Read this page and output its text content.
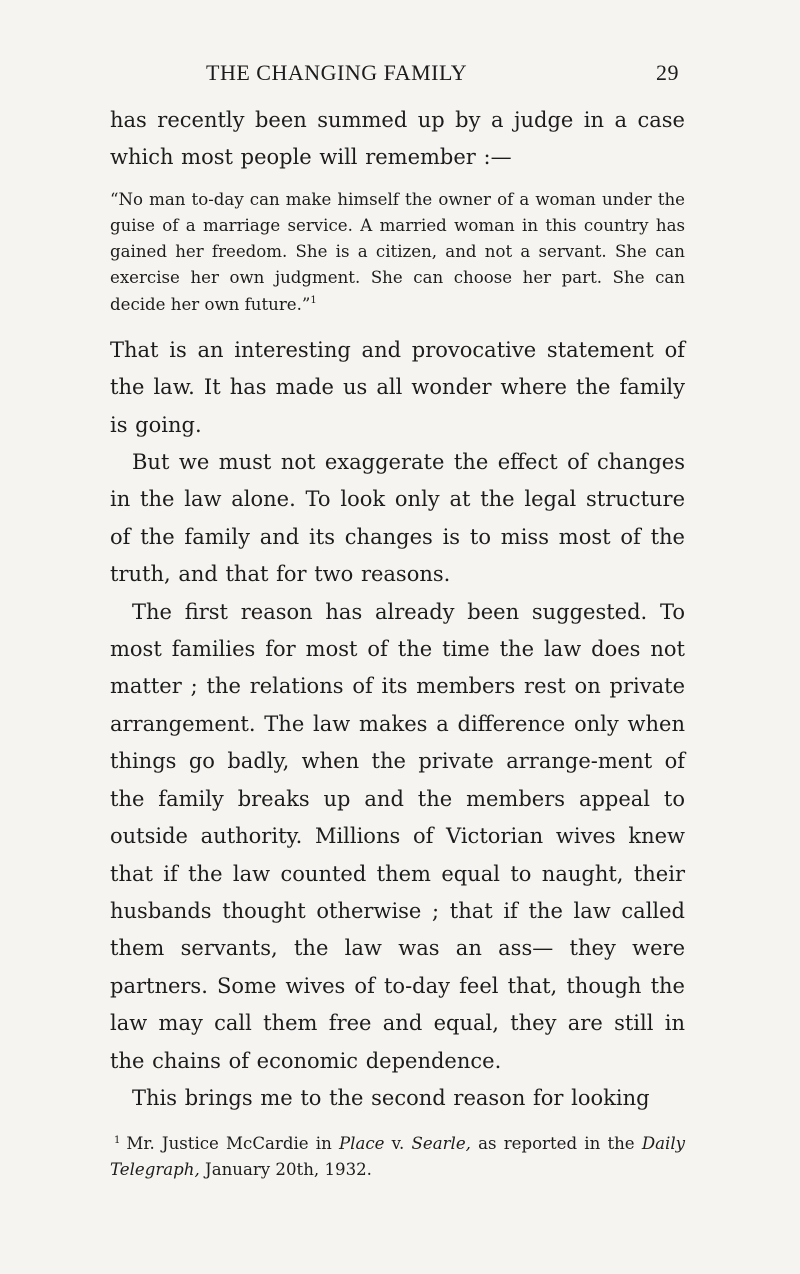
THE CHANGING FAMILY	29

has recently been summed up by a judge in a case which most people will remember :—

“No man to-day can make himself the owner of a woman under the guise of a marriage service. A married woman in this country has gained her freedom. She is a citizen, and not a servant. She can exercise her own judgment. She can choose her part. She can decide her own future.”$^1$

That is an interesting and provocative statement of the law. It has made us all wonder where the family is going.

But we must not exaggerate the effect of changes in the law alone. To look only at the legal structure of the family and its changes is to miss most of the truth, and that for two reasons.

The first reason has already been suggested. To most families for most of the time the law does not matter ; the relations of its members rest on private arrangement. The law makes a difference only when things go badly, when the private arrange-ment of the family breaks up and the members appeal to outside authority. Millions of Victorian wives knew that if the law counted them equal to naught, their husbands thought otherwise ; that if the law called them servants, the law was an ass— they were partners. Some wives of to-day feel that, though the law may call them free and equal, they are still in the chains of economic dependence.

This brings me to the second reason for looking

$^1$ Mr. Justice McCardie in Place v. Searle, as reported in the Daily Telegraph, January 20th, 1932.
